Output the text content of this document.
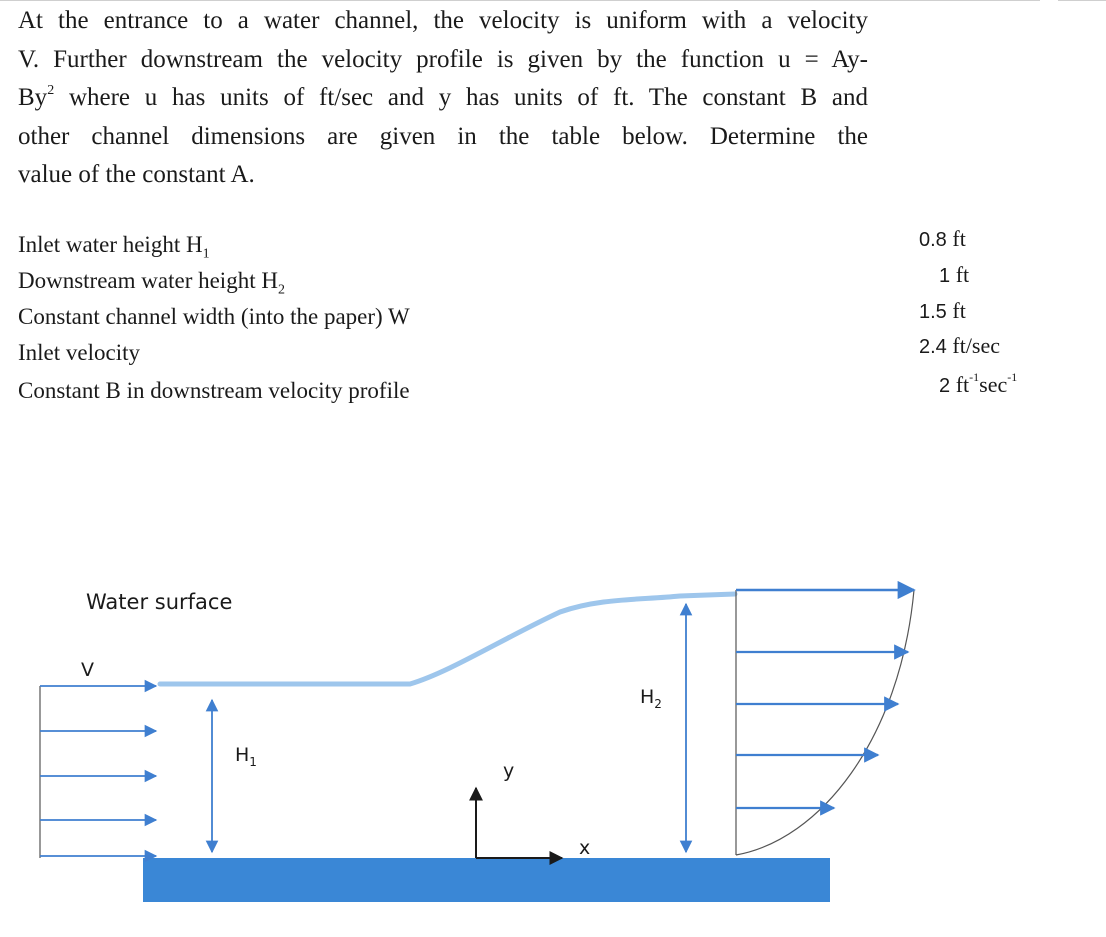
At the entrance to a water channel, the velocity is uniform with a velocity
V. Further downstream the velocity profile is given by the function u = Ay-
By$^2$ where u has units of ft/sec and y has units of ft. The constant B and
other channel dimensions are given in the table below. Determine the
value of the constant A.
Inlet water height $H_1$
Downstream water height $H_2$
Constant channel width (into the paper) W
Inlet velocity
Constant B in downstream velocity profile
0.8 ft
1 ft
1.5 ft
2.4 ft/sec
2 $ft^{-1}\sec^{-1}$
Water surface
V
$H_1$	y
x
$H_2$
